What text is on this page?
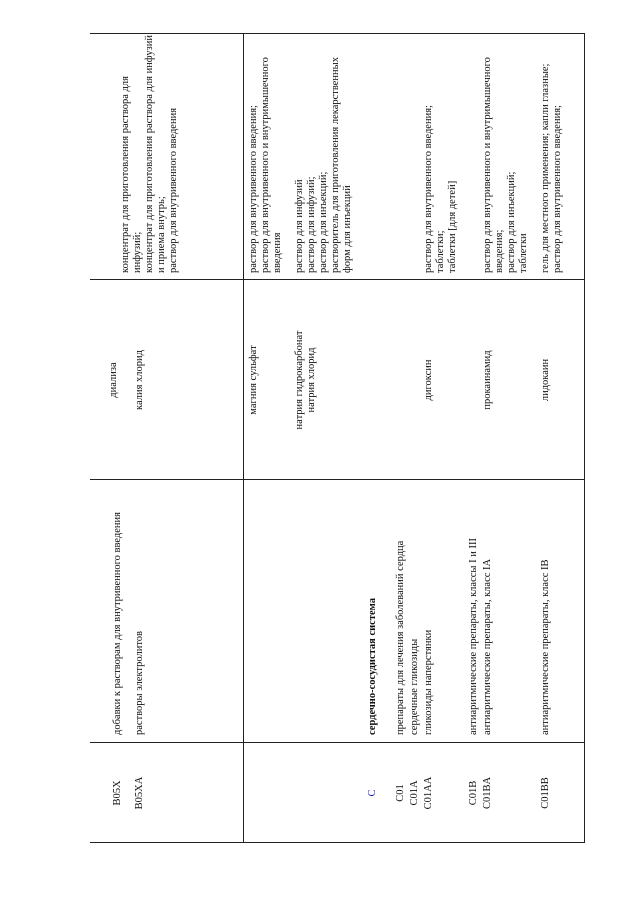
диализа
B05X
добавки к растворам для внутривенного введения
B05XA
растворы электролитов
калия хлорид
концентрат для приготовления раствора для инфузий;
концентрат для приготовления раствора для инфузий и приема внутрь;
раствор для внутривенного введения
магния сульфат
раствор для внутривенного введения;
раствор для внутривенного и внутримышечного введения
натрия гидрокарбонат
раствор для инфузий
натрия хлорид
раствор для инфузий;
раствор для инъекций;
растворитель для приготовления лекарственных форм для инъекций
C
сердечно-сосудистая система
C01
препараты для лечения заболеваний сердца
C01A
сердечные гликозиды
C01AA
гликозиды наперстянки
дигоксин
раствор для внутривенного введения;
таблетки;
таблетки [для детей]
C01B
антиаритмические препараты, классы I и III
C01BA
антиаритмические препараты, класс IA
прокаинамид
раствор для внутривенного и внутримышечного введения;
раствор для инъекций;
таблетки
C01BB
антиаритмические препараты, класс IB
лидокаин
гель для местного применения; капли глазные;
раствор для внутривенного введения;
